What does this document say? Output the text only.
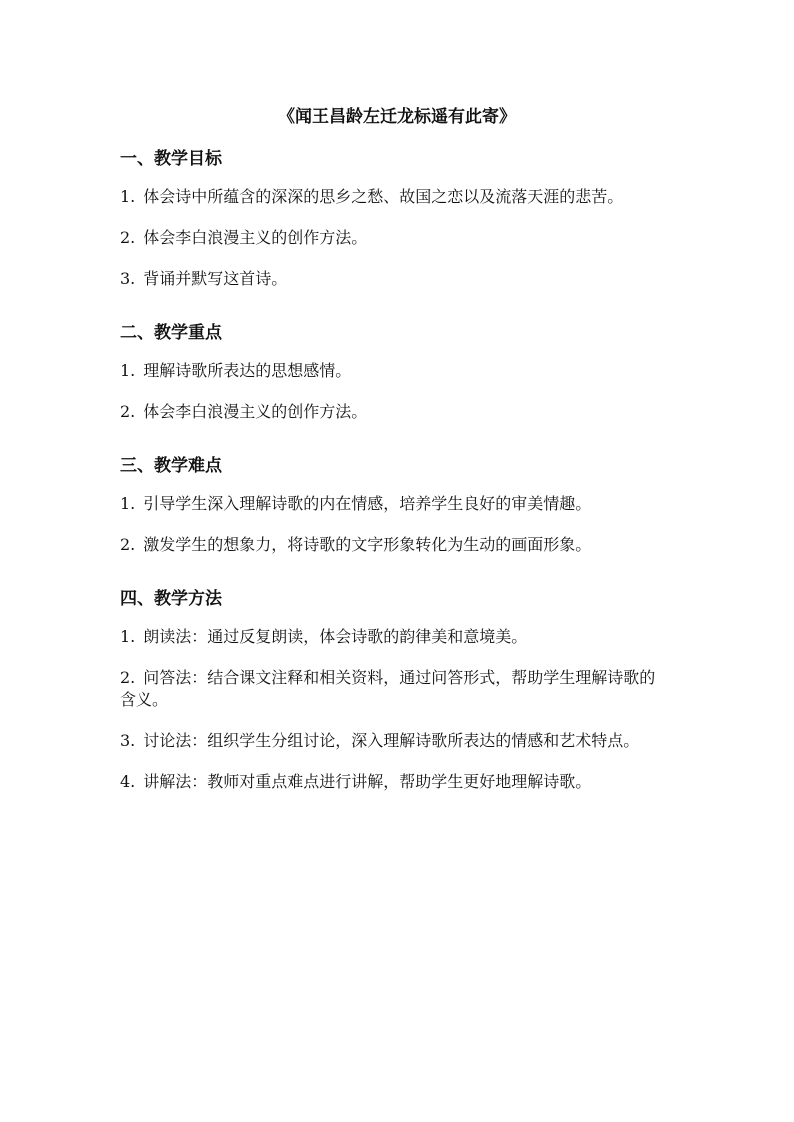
《闻王昌龄左迁龙标遥有此寄》
一、教学目标

1. 体会诗中所蕴含的深深的思乡之愁、故国之恋以及流落天涯的悲苦。

2. 体会李白浪漫主义的创作方法。

3. 背诵并默写这首诗。

二、教学重点

1. 理解诗歌所表达的思想感情。

2. 体会李白浪漫主义的创作方法。

三、教学难点

1. 引导学生深入理解诗歌的内在情感，培养学生良好的审美情趣。

2. 激发学生的想象力，将诗歌的文字形象转化为生动的画面形象。

四、教学方法

1. 朗读法：通过反复朗读，体会诗歌的韵律美和意境美。

2. 问答法：结合课文注释和相关资料，通过问答形式，帮助学生理解诗歌的含义。

3. 讨论法：组织学生分组讨论，深入理解诗歌所表达的情感和艺术特点。

4. 讲解法：教师对重点难点进行讲解，帮助学生更好地理解诗歌。
